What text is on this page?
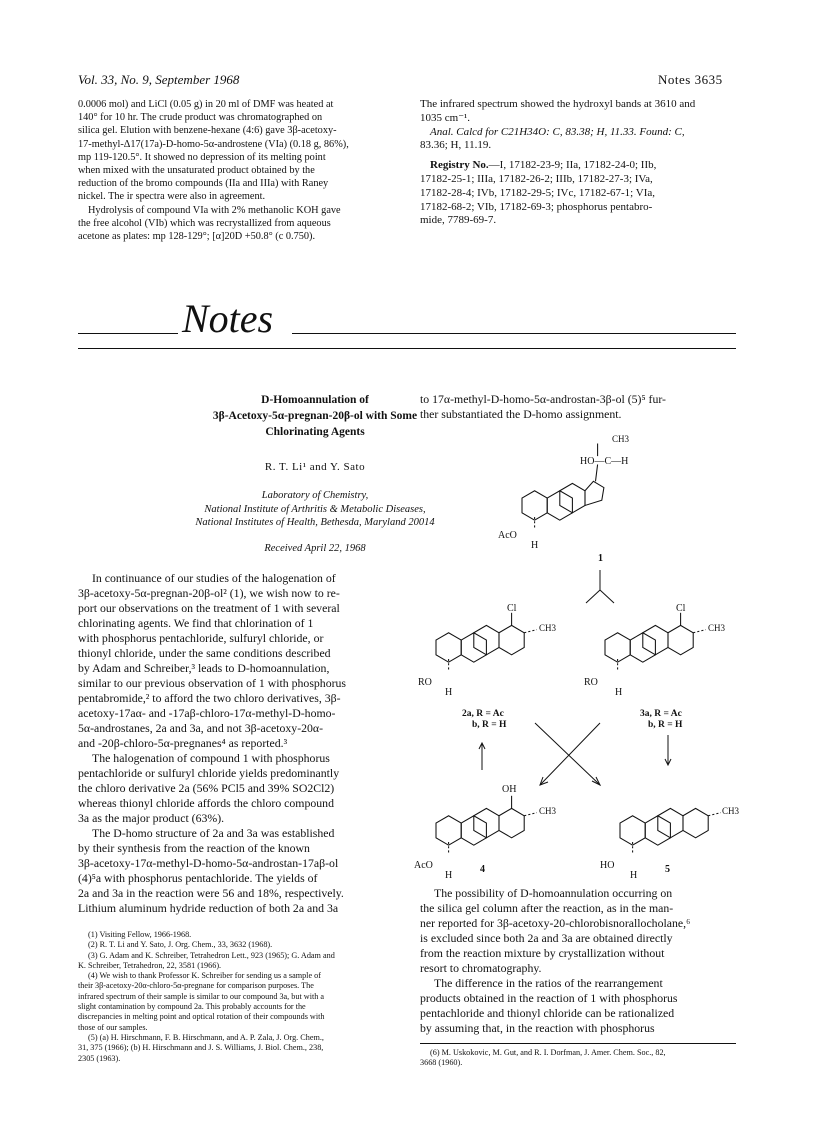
Vol. 33, No. 9, September 1968	Notes 3635

0.0006 mol) and LiCl (0.05 g) in 20 ml of DMF was heated at

140° for 10 hr. The crude product was chromatographed on

silica gel. Elution with benzene-hexane (4:6) gave 3β-acetoxy-

17-methyl-Δ17(17a)-D-homo-5α-androstene (VIa) (0.18 g, 86%),

mp 119-120.5°. It showed no depression of its melting point

when mixed with the unsaturated product obtained by the

reduction of the bromo compounds (IIa and IIIa) with Raney

nickel. The ir spectra were also in agreement.

Hydrolysis of compound VIa with 2% methanolic KOH gave

the free alcohol (VIb) which was recrystallized from aqueous

acetone as plates: mp 128-129°; [α]20D +50.8° (c 0.750).

The infrared spectrum showed the hydroxyl bands at 3610 and

1035 cm⁻¹.

Anal. Calcd for C21H34O: C, 83.38; H, 11.33. Found: C,

83.36; H, 11.19.

Registry No.—I, 17182-23-9; IIa, 17182-24-0; IIb,

17182-25-1; IIIa, 17182-26-2; IIIb, 17182-27-3; IVa,

17182-28-4; IVb, 17182-29-5; IVc, 17182-67-1; VIa,

17182-68-2; VIb, 17182-69-3; phosphorus pentabro-

mide, 7789-69-7.

Notes
D-Homoannulation of
3β-Acetoxy-5α-pregnan-20β-ol with Some
Chlorinating Agents
R. T. Li¹ and Y. Sato
Laboratory of Chemistry,
National Institute of Arthritis & Metabolic Diseases,
National Institutes of Health, Bethesda, Maryland 20014
Received April 22, 1968

In continuance of our studies of the halogenation of

3β-acetoxy-5α-pregnan-20β-ol² (1), we wish now to re-

port our observations on the treatment of 1 with several

chlorinating agents. We find that chlorination of 1

with phosphorus pentachloride, sulfuryl chloride, or

thionyl chloride, under the same conditions described

by Adam and Schreiber,³ leads to D-homoannulation,

similar to our previous observation of 1 with phosphorus

pentabromide,² to afford the two chloro derivatives, 3β-

acetoxy-17aα- and -17aβ-chloro-17α-methyl-D-homo-

5α-androstanes, 2a and 3a, and not 3β-acetoxy-20α-

and -20β-chloro-5α-pregnanes⁴ as reported.³

The halogenation of compound 1 with phosphorus

pentachloride or sulfuryl chloride yields predominantly

the chloro derivative 2a (56% PCl5 and 39% SO2Cl2)

whereas thionyl chloride affords the chloro compound

3a as the major product (63%).

The D-homo structure of 2a and 3a was established

by their synthesis from the reaction of the known

3β-acetoxy-17α-methyl-D-homo-5α-androstan-17aβ-ol

(4)⁵a with phosphorus pentachloride. The yields of

2a and 3a in the reaction were 56 and 18%, respectively.

Lithium aluminum hydride reduction of both 2a and 3a

(1) Visiting Fellow, 1966-1968.

(2) R. T. Li and Y. Sato, J. Org. Chem., 33, 3632 (1968).

(3) G. Adam and K. Schreiber, Tetrahedron Lett., 923 (1965); G. Adam and

K. Schreiber, Tetrahedron, 22, 3581 (1966).

(4) We wish to thank Professor K. Schreiber for sending us a sample of

their 3β-acetoxy-20α-chloro-5α-pregnane for comparison purposes. The

infrared spectrum of their sample is similar to our compound 3a, but with a

slight contamination by compound 2a. This probably accounts for the

discrepancies in melting point and optical rotation of their compounds with

those of our samples.

(5) (a) H. Hirschmann, F. B. Hirschmann, and A. P. Zala, J. Org. Chem.,

31, 375 (1966); (b) H. Hirschmann and J. S. Williams, J. Biol. Chem., 238,

2305 (1963).

to 17α-methyl-D-homo-5α-androstan-3β-ol (5)⁵ fur-

ther substantiated the D-homo assignment.

CH3
HO—C—H
AcO
H
1
Cl
CH3
RO
H
2a, R = Ac
b, R = H
Cl
CH3
RO
H
3a, R = Ac
b, R = H
OH
CH3
AcO
H
4
CH3
HO
H
5

The possibility of D-homoannulation occurring on

the silica gel column after the reaction, as in the man-

ner reported for 3β-acetoxy-20-chlorobisnorallocholane,⁶

is excluded since both 2a and 3a are obtained directly

from the reaction mixture by crystallization without

resort to chromatography.

The difference in the ratios of the rearrangement

products obtained in the reaction of 1 with phosphorus

pentachloride and thionyl chloride can be rationalized

by assuming that, in the reaction with phosphorus

(6) M. Uskokovic, M. Gut, and R. I. Dorfman, J. Amer. Chem. Soc., 82,

3668 (1960).
